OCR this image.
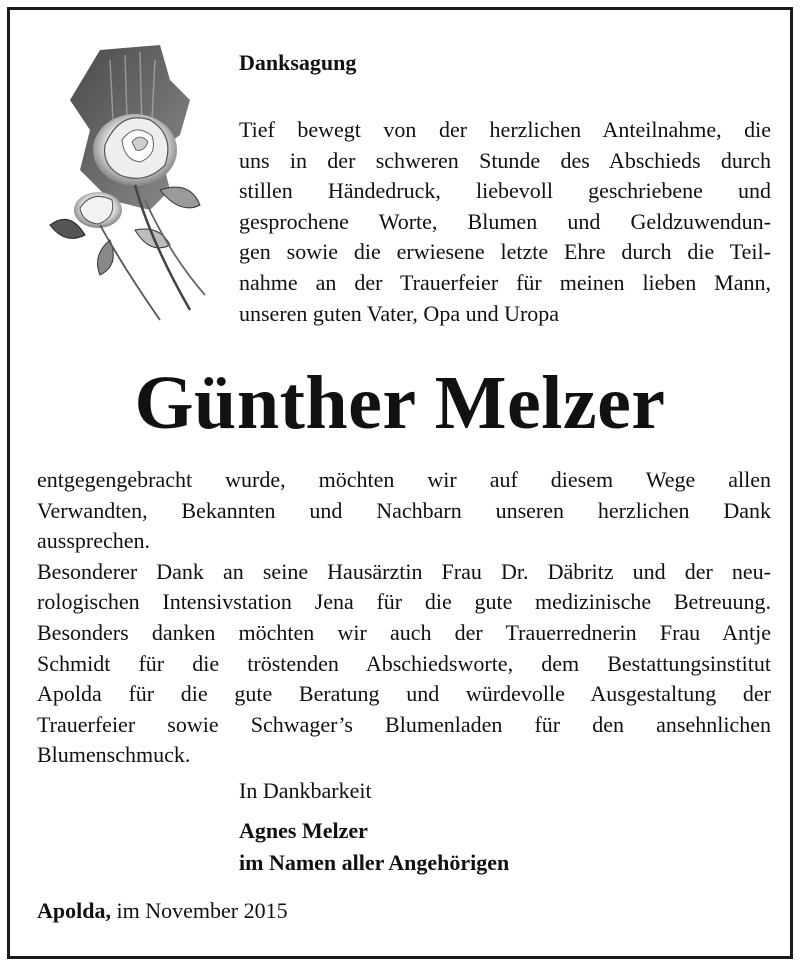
Danksagung
Tief bewegt von der herzlichen Anteilnahme, die
uns in der schweren Stunde des Abschieds durch
stillen Händedruck, liebevoll geschriebene und
gesprochene Worte, Blumen und Geldzuwendun-
gen sowie die erwiesene letzte Ehre durch die Teil-
nahme an der Trauerfeier für meinen lieben Mann,
unseren guten Vater, Opa und Uropa
Günther Melzer
entgegengebracht wurde, möchten wir auf diesem Wege allen
Verwandten, Bekannten und Nachbarn unseren herzlichen Dank
aussprechen.
Besonderer Dank an seine Hausärztin Frau Dr. Däbritz und der neu-
rologischen Intensivstation Jena für die gute medizinische Betreuung.
Besonders danken möchten wir auch der Trauerrednerin Frau Antje
Schmidt für die tröstenden Abschiedsworte, dem Bestattungsinstitut
Apolda für die gute Beratung und würdevolle Ausgestaltung der
Trauerfeier sowie Schwager’s Blumenladen für den ansehnlichen
Blumenschmuck.
In Dankbarkeit
Agnes Melzer
im Namen aller Angehörigen
Apolda, im November 2015
